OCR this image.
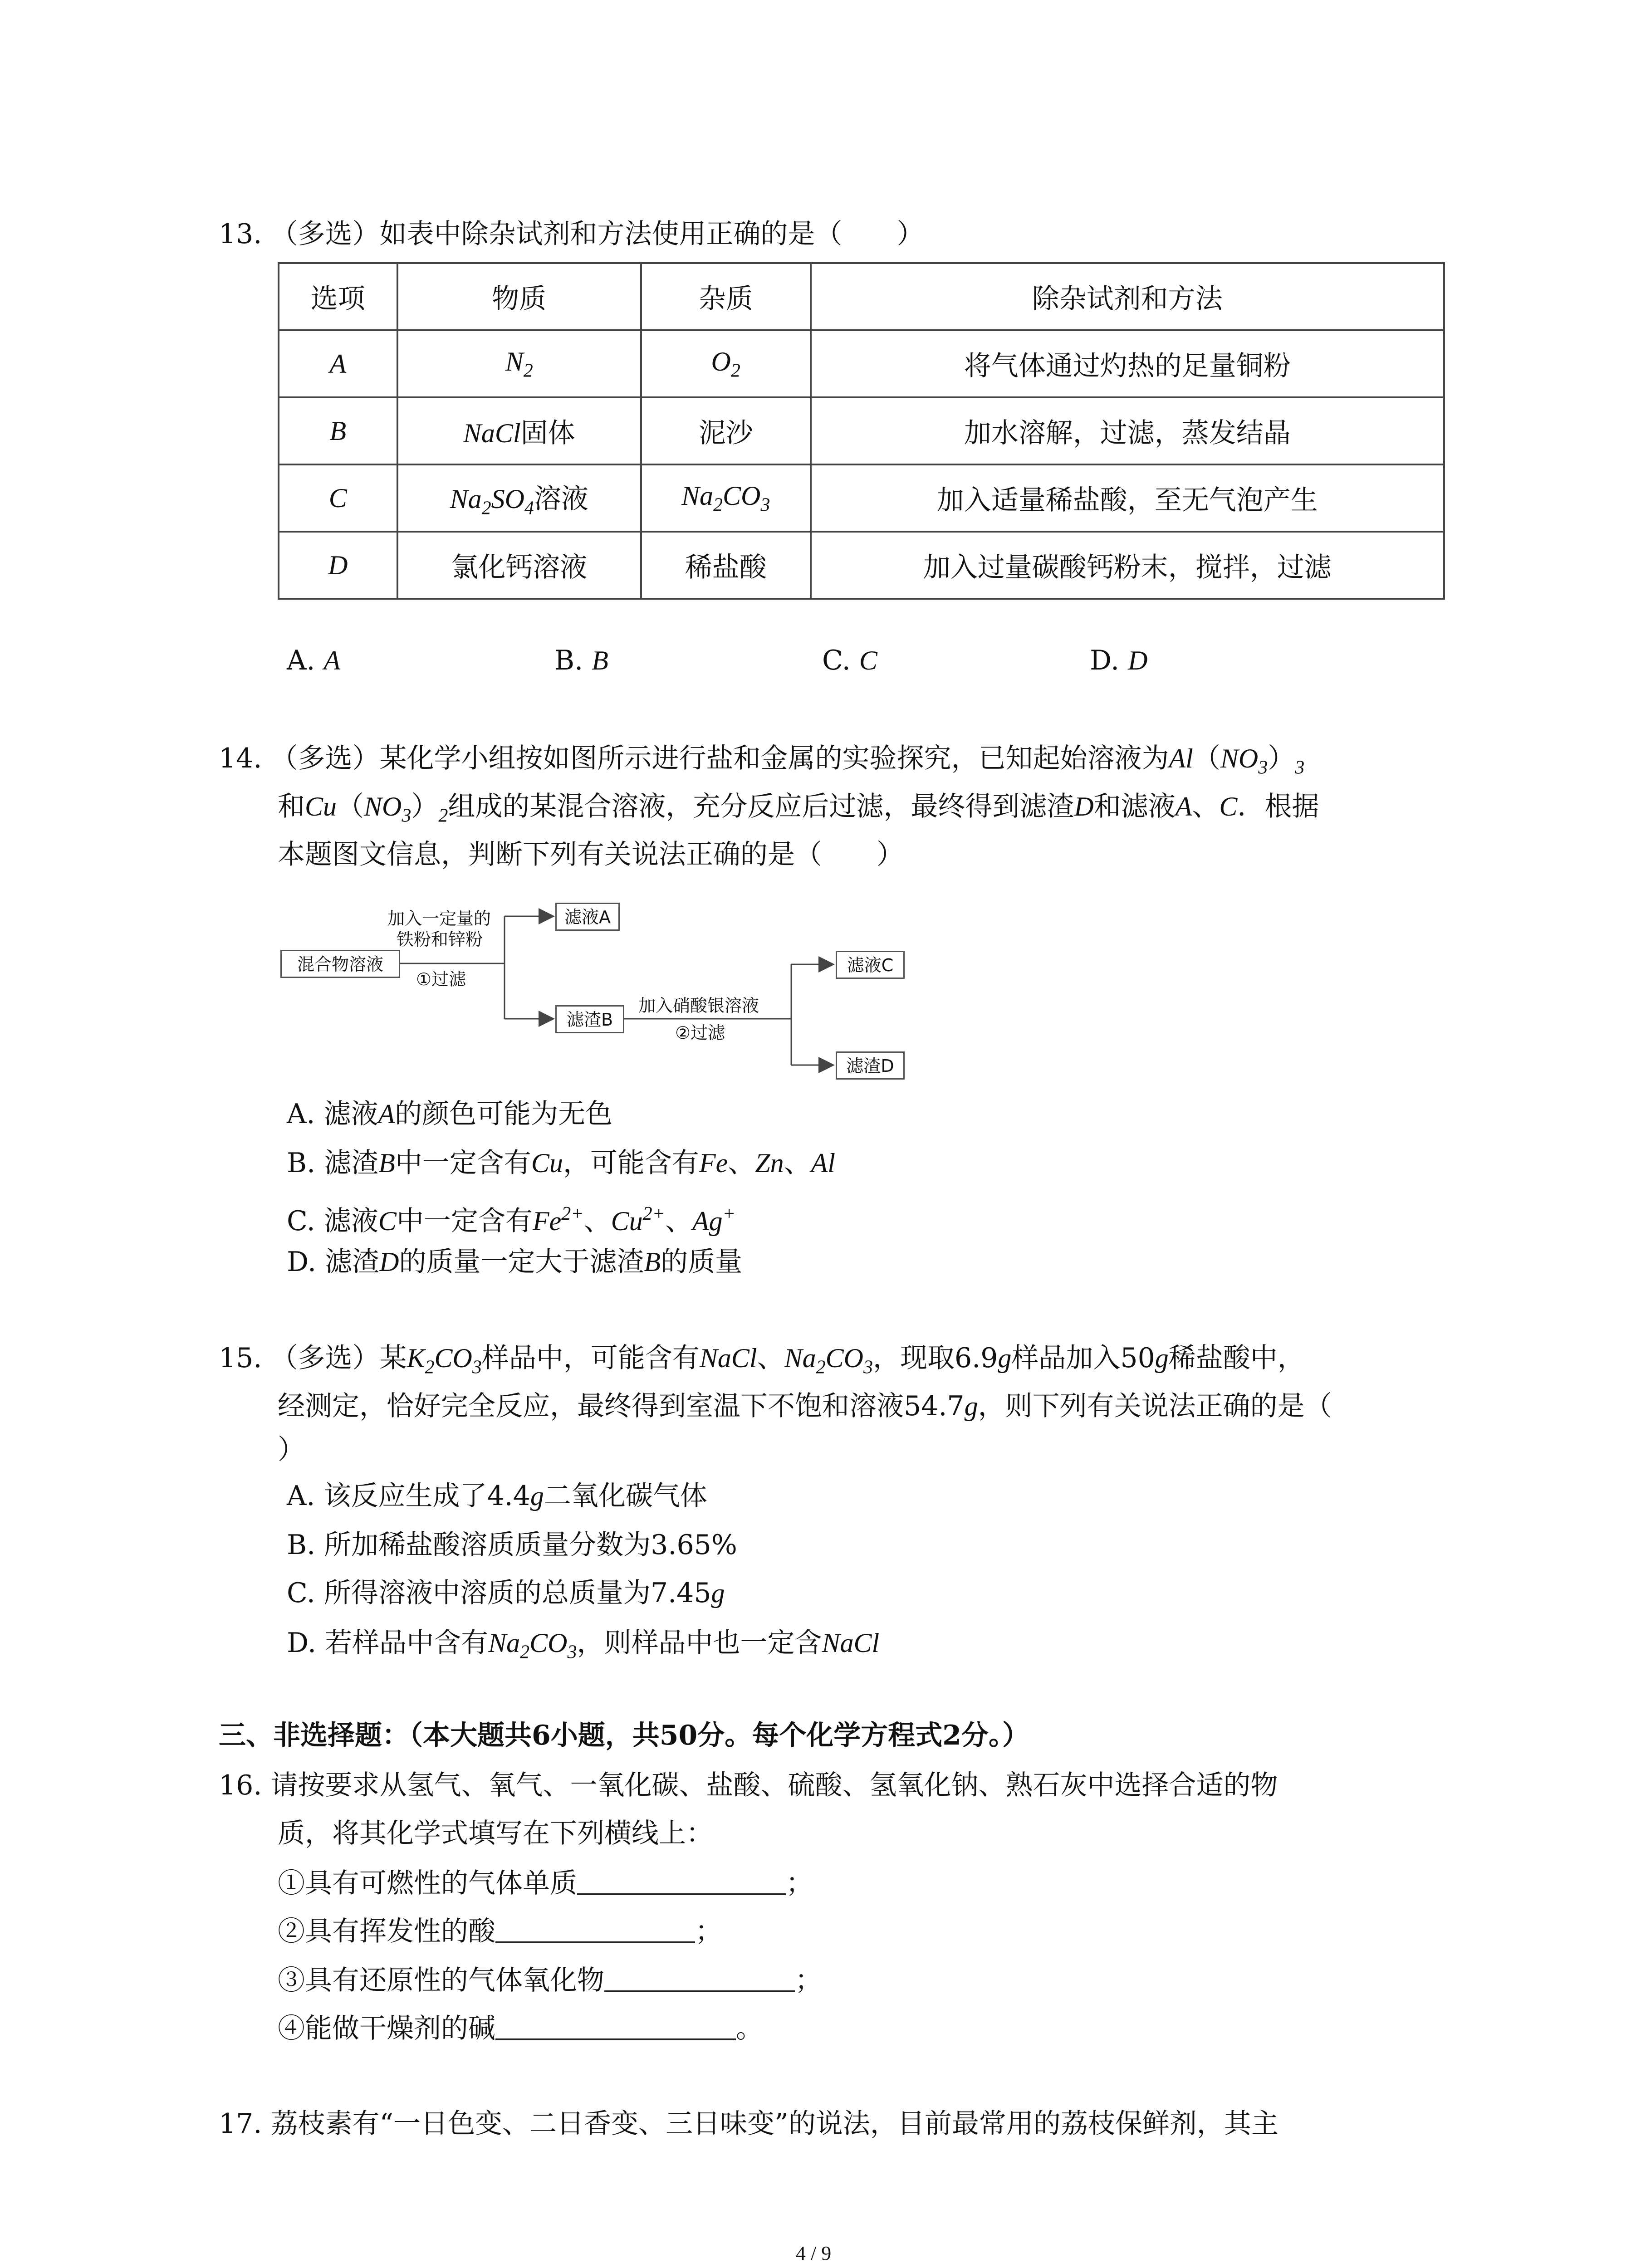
13. （多选）如表中除杂试剂和方法使用正确的是（　　）
选项	物质	杂质	除杂试剂和方法
A	$N_2$	$O_2$	将气体通过灼热的足量铜粉
B	NaCl固体	泥沙	加水溶解，过滤，蒸发结晶
C	$Na_2SO_4$溶液	$Na_2CO_3$	加入适量稀盐酸，至无气泡产生
D	氯化钙溶液	稀盐酸	加入过量碳酸钙粉末，搅拌，过滤
A. A	B. B	C. C	D. D
14. （多选）某化学小组按如图所示进行盐和金属的实验探究，已知起始溶液为$Al(NO_3)_3$
和$Cu(NO_3)_2$组成的某混合溶液，充分反应后过滤，最终得到滤渣D和滤液A、C．根据
本题图文信息，判断下列有关说法正确的是（　　）
混合物溶液
加入一定量的
铁粉和锌粉
①过滤
滤液A
滤渣B
加入硝酸银溶液
②过滤
滤液C
滤渣D
A. 滤液A的颜色可能为无色
B. 滤渣B中一定含有Cu，可能含有Fe、Zn、Al
C. 滤液C中一定含有$Fe^{2+}$、$Cu^{2+}$、Ag+
D. 滤渣D的质量一定大于滤渣B的质量
15. （多选）某$K_2CO_3$样品中，可能含有NaCl、$Na_2CO_3$，现取6.9g样品加入50g稀盐酸中，
经测定，恰好完全反应，最终得到室温下不饱和溶液54.7g，则下列有关说法正确的是（
）
A. 该反应生成了4.4g二氧化碳气体
B. 所加稀盐酸溶质质量分数为3.65%
C. 所得溶液中溶质的总质量为7.45g
D. 若样品中含有$Na_2CO_3$，则样品中也一定含NaCl
三、非选择题：（本大题共6小题，共50分。每个化学方程式2分。）
16. 请按要求从氢气、氧气、一氧化碳、盐酸、硫酸、氢氧化钠、熟石灰中选择合适的物
质，将其化学式填写在下列横线上：
①具有可燃性的气体单质	；
②具有挥发性的酸	；
③具有还原性的气体氧化物	；
④能做干燥剂的碱	。
17. 荔枝素有“一日色变、二日香变、三日味变”的说法，目前最常用的荔枝保鲜剂，其主
4 / 9
